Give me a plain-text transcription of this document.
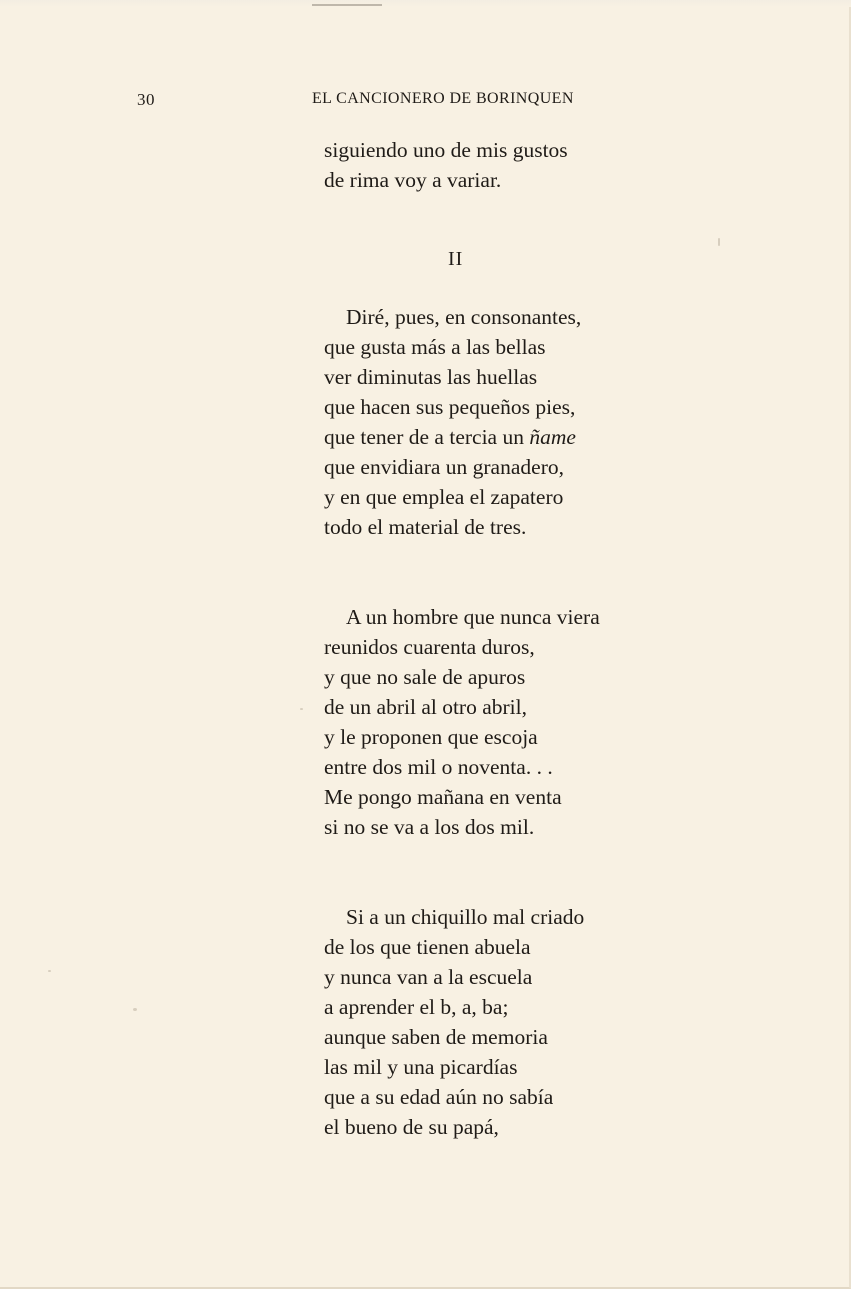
30	EL CANCIONERO DE BORINQUEN
siguiendo uno de mis gustos
de rima voy a variar.
II
Diré, pues, en consonantes,
que gusta más a las bellas
ver diminutas las huellas
que hacen sus pequeños pies,
que tener de a tercia un ñame
que envidiara un granadero,
y en que emplea el zapatero
todo el material de tres.
A un hombre que nunca viera
reunidos cuarenta duros,
y que no sale de apuros
de un abril al otro abril,
y le proponen que escoja
entre dos mil o noventa. . .
Me pongo mañana en venta
si no se va a los dos mil.
Si a un chiquillo mal criado
de los que tienen abuela
y nunca van a la escuela
a aprender el b, a, ba;
aunque saben de memoria
las mil y una picardías
que a su edad aún no sabía
el bueno de su papá,
